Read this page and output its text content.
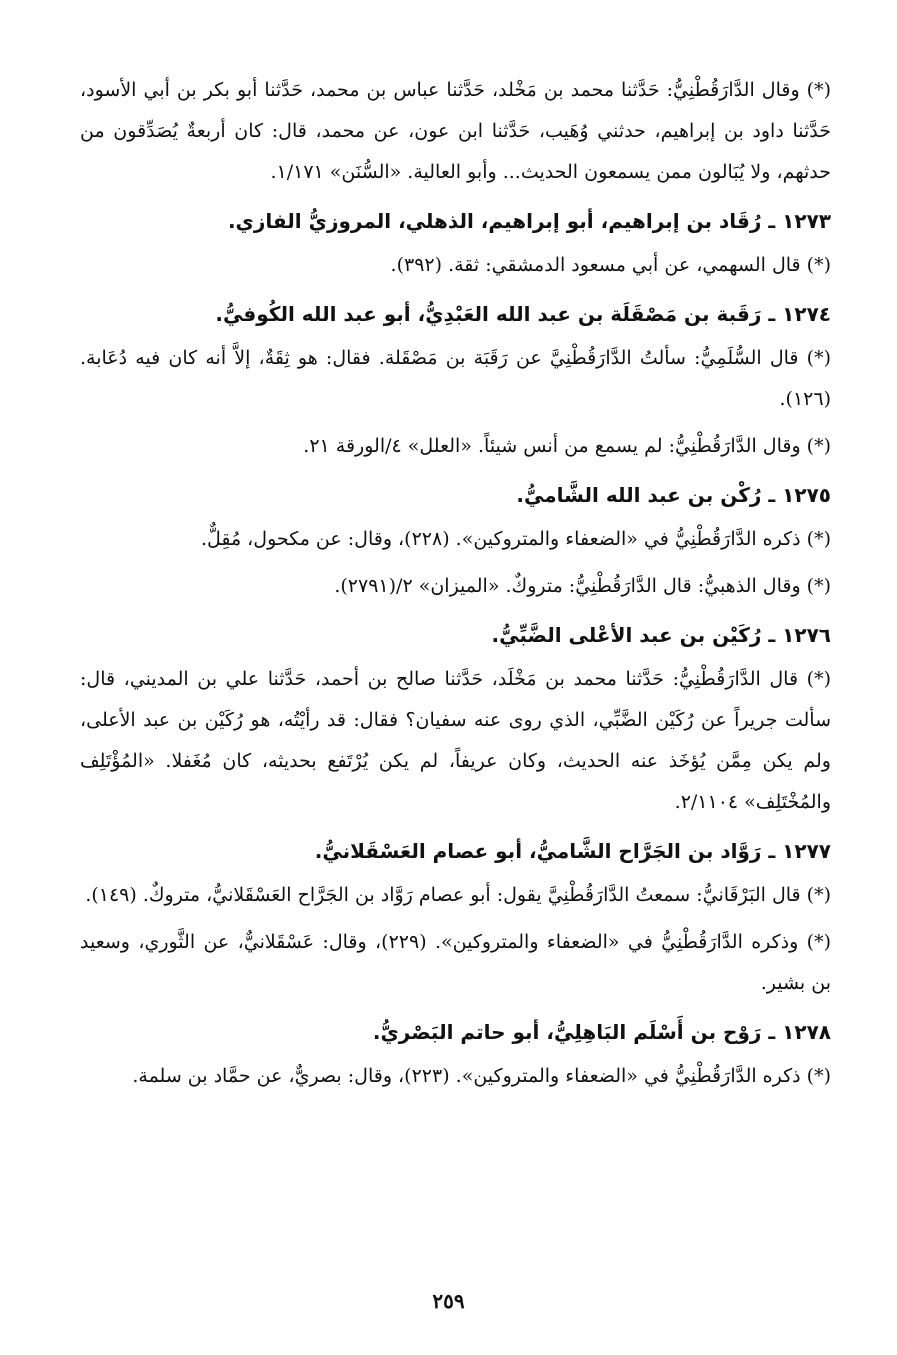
(*) وقال الدَّارَقُطْنِيُّ: حَدَّثنا محمد بن مَخْلد، حَدَّثنا عباس بن محمد، حَدَّثنا أبو بكر بن أبي الأسود، حَدَّثنا داود بن إبراهيم، حدثني وُهَيب، حَدَّثنا ابن عون، عن محمد، قال: كان أربعةٌ يُصَدِّقون من حدثهم، ولا يُبَالون ممن يسمعون الحديث... وأبو العالية. «السُّنَن» ١/١٧١.

١٢٧٣ ـ رُقَاد بن إبراهيم، أبو إبراهيم، الذهلي، المروزيُّ الفازي.

(*) قال السهمي، عن أبي مسعود الدمشقي: ثقة. (٣٩٢).

١٢٧٤ ـ رَقَبة بن مَصْقَلَة بن عبد الله العَبْدِيُّ، أبو عبد الله الكُوفيُّ.

(*) قال السُّلَمِيُّ: سألتُ الدَّارَقُطْنِيَّ عن رَقَبَة بن مَصْقَلة. فقال: هو ثِقَةٌ، إلاَّ أنه كان فيه دُعَابة. (١٢٦).

(*) وقال الدَّارَقُطْنِيُّ: لم يسمع من أنس شيئاً. «العلل» ٤/الورقة ٢١.

١٢٧٥ ـ رُكْن بن عبد الله الشَّاميُّ.

(*) ذكره الدَّارَقُطْنِيُّ في «الضعفاء والمتروكين». (٢٢٨)، وقال: عن مكحول، مُقِلٌّ.

(*) وقال الذهبيُّ: قال الدَّارَقُطْنِيُّ: متروكٌ. «الميزان» ٢/(٢٧٩١).

١٢٧٦ ـ رُكَيْن بن عبد الأعْلى الضَّبِّيُّ.

(*) قال الدَّارَقُطْنِيُّ: حَدَّثنا محمد بن مَخْلَد، حَدَّثنا صالح بن أحمد، حَدَّثنا علي بن المديني، قال: سألت جريراً عن رُكَيْن الضَّبِّي، الذي روى عنه سفيان؟ فقال: قد رأيْتُه، هو رُكَيْن بن عبد الأعلى، ولم يكن مِمَّن يُؤخَذ عنه الحديث، وكان عريفاً، لم يكن يُرْتَفع بحديثه، كان مُغَفلا. «المُؤْتَلِف والمُخْتَلِف» ٢/١١٠٤.

١٢٧٧ ـ رَوَّاد بن الجَرَّاح الشَّاميُّ، أبو عصام العَسْقَلانيُّ.

(*) قال البَرْقَانيُّ: سمعتُ الدَّارَقُطْنِيَّ يقول: أبو عصام رَوَّاد بن الجَرَّاح العَسْقَلانيُّ، متروكٌ. (١٤٩).

(*) وذكره الدَّارَقُطْنِيُّ في «الضعفاء والمتروكين». (٢٢٩)، وقال: عَسْقَلانيٌّ، عن الثَّوري، وسعيد بن بشير.

١٢٧٨ ـ رَوْح بن أَسْلَم البَاهِلِيُّ، أبو حاتم البَصْريُّ.

(*) ذكره الدَّارَقُطْنِيُّ في «الضعفاء والمتروكين». (٢٢٣)، وقال: بصريٌّ، عن حمَّاد بن سلمة.

٢٥٩
